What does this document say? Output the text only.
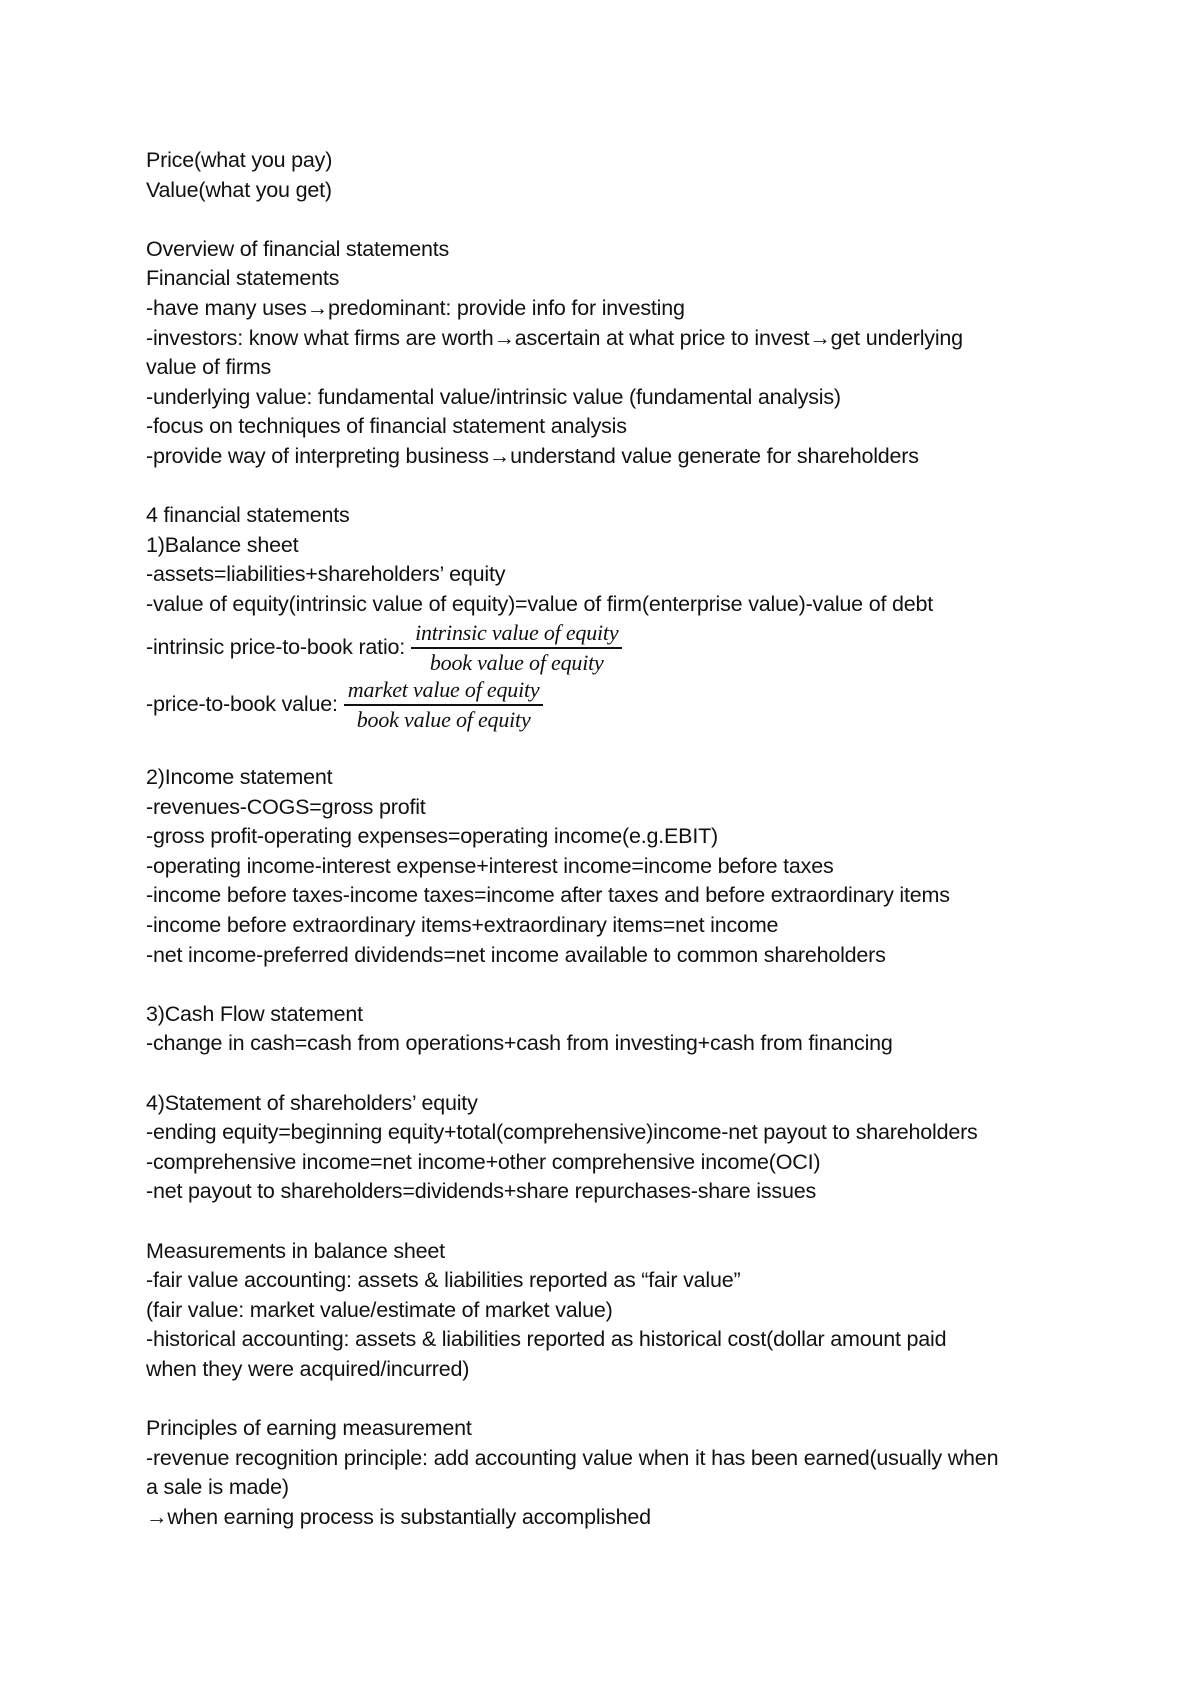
Price(what you pay)
Value(what you get)
Overview of financial statements
Financial statements
-have many uses→predominant: provide info for investing
-investors: know what firms are worth→ascertain at what price to invest→get underlying
value of firms
-underlying value: fundamental value/intrinsic value (fundamental analysis)
-focus on techniques of financial statement analysis
-provide way of interpreting business→understand value generate for shareholders
4 financial statements
1)Balance sheet
-assets=liabilities+shareholders’ equity
-value of equity(intrinsic value of equity)=value of firm(enterprise value)-value of debt
-intrinsic price-to-book ratio: $\frac{\text{intrinsic value of equity}}{\text{book value of equity}}$
-price-to-book value: $\frac{\text{market value of equity}}{\text{book value of equity}}$
2)Income statement
-revenues-COGS=gross profit
-gross profit-operating expenses=operating income(e.g.EBIT)
-operating income-interest expense+interest income=income before taxes
-income before taxes-income taxes=income after taxes and before extraordinary items
-income before extraordinary items+extraordinary items=net income
-net income-preferred dividends=net income available to common shareholders
3)Cash Flow statement
-change in cash=cash from operations+cash from investing+cash from financing
4)Statement of shareholders’ equity
-ending equity=beginning equity+total(comprehensive)income-net payout to shareholders
-comprehensive income=net income+other comprehensive income(OCI)
-net payout to shareholders=dividends+share repurchases-share issues
Measurements in balance sheet
-fair value accounting: assets & liabilities reported as “fair value”
(fair value: market value/estimate of market value)
-historical accounting: assets & liabilities reported as historical cost(dollar amount paid
when they were acquired/incurred)
Principles of earning measurement
-revenue recognition principle: add accounting value when it has been earned(usually when
a sale is made)
→when earning process is substantially accomplished
